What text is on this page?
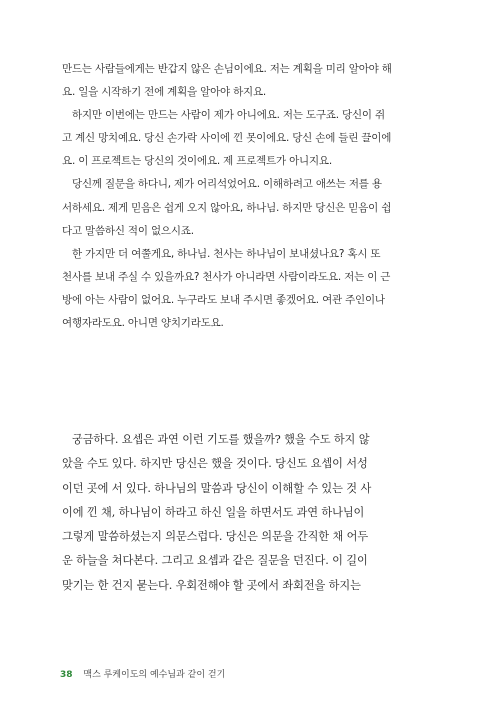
만드는 사람들에게는 반갑지 않은 손님이에요. 저는 계획을 미리 알아야 해
요. 일을 시작하기 전에 계획을 알아야 하지요.
하지만 이번에는 만드는 사람이 제가 아니에요. 저는 도구죠. 당신이 쥐
고 계신 망치예요. 당신 손가락 사이에 낀 못이에요. 당신 손에 들린 끌이에
요. 이 프로젝트는 당신의 것이에요. 제 프로젝트가 아니지요.
당신께 질문을 하다니, 제가 어리석었어요. 이해하려고 애쓰는 저를 용
서하세요. 제게 믿음은 쉽게 오지 않아요, 하나님. 하지만 당신은 믿음이 쉽
다고 말씀하신 적이 없으시죠.
한 가지만 더 여쭐게요, 하나님. 천사는 하나님이 보내셨나요? 혹시 또
천사를 보내 주실 수 있을까요? 천사가 아니라면 사람이라도요. 저는 이 근
방에 아는 사람이 없어요. 누구라도 보내 주시면 좋겠어요. 여관 주인이나
여행자라도요. 아니면 양치기라도요.
궁금하다. 요셉은 과연 이런 기도를 했을까? 했을 수도 하지 않
았을 수도 있다. 하지만 당신은 했을 것이다. 당신도 요셉이 서성
이던 곳에 서 있다. 하나님의 말씀과 당신이 이해할 수 있는 것 사
이에 낀 채, 하나님이 하라고 하신 일을 하면서도 과연 하나님이
그렇게 말씀하셨는지 의문스럽다. 당신은 의문을 간직한 채 어두
운 하늘을 쳐다본다. 그리고 요셉과 같은 질문을 던진다. 이 길이
맞기는 한 건지 묻는다. 우회전해야 할 곳에서 좌회전을 하지는
38 맥스 루케이도의 예수님과 같이 걷기
